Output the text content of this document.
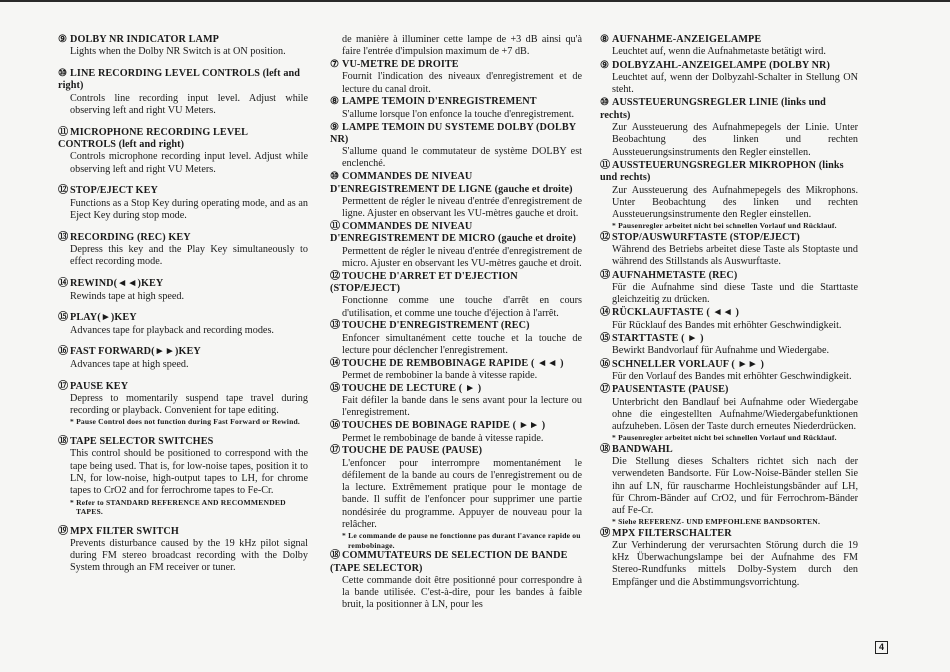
⑨ DOLBY NR INDICATOR LAMP
Lights when the Dolby NR Switch is at ON position.
⑩ LINE RECORDING LEVEL CONTROLS (left and right)
Controls line recording input level. Adjust while observing left and right VU Meters.
⑪ MICROPHONE RECORDING LEVEL CONTROLS (left and right)
Controls microphone recording input level. Adjust while observing left and right VU Meters.
⑫ STOP/EJECT KEY
Functions as a Stop Key during operating mode, and as an Eject Key during stop mode.
⑬ RECORDING (REC) KEY
Depress this key and the Play Key simultaneously to effect recording mode.
⑭ REWIND(◄◄)KEY
Rewinds tape at high speed.
⑮ PLAY(►)KEY
Advances tape for playback and recording modes.
⑯ FAST FORWARD(►►)KEY
Advances tape at high speed.
⑰ PAUSE KEY
Depress to momentarily suspend tape travel during recording or playback. Convenient for tape editing.
* Pause Control does not function during Fast Forward or Rewind.
⑱ TAPE SELECTOR SWITCHES
This control should be positioned to correspond with the tape being used. That is, for low-noise tapes, position it to LN, for low-noise, high-output tapes to LH, for chrome tapes to CrO2 and for ferrochrome tapes to Fe-Cr.
* Refer to STANDARD REFERENCE AND RECOMMENDED TAPES.
⑲ MPX FILTER SWITCH
Prevents disturbance caused by the 19 kHz pilot signal during FM stereo broadcast recording with the Dolby System through an FM receiver or tuner.
de manière à illuminer cette lampe de +3 dB ainsi qu'à faire l'entrée d'impulsion maximum de +7 dB.
⑦ VU-METRE DE DROITE
Fournit l'indication des niveaux d'enregistrement et de lecture du canal droit.
⑧ LAMPE TEMOIN D'ENREGISTREMENT
S'allume lorsque l'on enfonce la touche d'enregistrement.
⑨ LAMPE TEMOIN DU SYSTEME DOLBY (DOLBY NR)
S'allume quand le commutateur de système DOLBY est enclenché.
⑩ COMMANDES DE NIVEAU D'ENREGISTREMENT DE LIGNE (gauche et droite)
Permettent de régler le niveau d'entrée d'enregistrement de ligne. Ajuster en observant les VU-mètres gauche et droit.
⑪ COMMANDES DE NIVEAU D'ENREGISTREMENT DE MICRO (gauche et droite)
Permettent de régler le niveau d'entrée d'enregistrement de micro. Ajuster en observant les VU-mètres gauche et droit.
⑫ TOUCHE D'ARRET ET D'EJECTION (STOP/EJECT)
Fonctionne comme une touche d'arrêt en cours d'utilisation, et comme une touche d'éjection à l'arrêt.
⑬ TOUCHE D'ENREGISTREMENT (REC)
Enfoncer simultanément cette touche et la touche de lecture pour déclencher l'enregistrement.
⑭ TOUCHE DE REMBOBINAGE RAPIDE ( ◄◄ )
Permet de rembobiner la bande à vitesse rapide.
⑮ TOUCHE DE LECTURE ( ► )
Fait défiler la bande dans le sens avant pour la lecture ou l'enregistrement.
⑯ TOUCHES DE BOBINAGE RAPIDE ( ►► )
Permet le rembobinage de bande à vitesse rapide.
⑰ TOUCHE DE PAUSE (PAUSE)
L'enfoncer pour interrompre momentanément le défilement de la bande au cours de l'enregistrement ou de la lecture. Extrêmement pratique pour le montage de bande. Il suffit de l'enfoncer pour supprimer une partie nondésirée du programme. Appuyer de nouveau pour la relâcher.
* Le commande de pause ne fonctionne pas durant l'avance rapide ou rembobinage.
⑱ COMMUTATEURS DE SELECTION DE BANDE (TAPE SELECTOR)
Cette commande doit être positionné pour correspondre à la bande utilisée. C'est-à-dire, pour les bandes à faible bruit, la positionner à LN, pour les
⑧ AUFNAHME-ANZEIGELAMPE
Leuchtet auf, wenn die Aufnahmetaste betätigt wird.
⑨ DOLBYZAHL-ANZEIGELAMPE (DOLBY NR)
Leuchtet auf, wenn der Dolbyzahl-Schalter in Stellung ON steht.
⑩ AUSSTEUERUNGSREGLER LINIE (links und rechts)
Zur Aussteuerung des Aufnahmepegels der Linie. Unter Beobachtung des linken und rechten Aussteuerungsinstruments den Regler einstellen.
⑪ AUSSTEUERUNGSREGLER MIKROPHON (links und rechts)
Zur Aussteuerung des Aufnahmepegels des Mikrophons. Unter Beobachtung des linken und rechten Aussteuerungsinstrumente den Regler einstellen.
* Pausenregler arbeitet nicht bei schnellen Vorlauf und Rücklauf.
⑫ STOP/AUSWURFTASTE (STOP/EJECT)
Während des Betriebs arbeitet diese Taste als Stoptaste und während des Stillstands als Auswurftaste.
⑬ AUFNAHMETASTE (REC)
Für die Aufnahme sind diese Taste und die Starttaste gleichzeitig zu drücken.
⑭ RÜCKLAUFTASTE ( ◄◄ )
Für Rücklauf des Bandes mit erhöhter Geschwindigkeit.
⑮ STARTTASTE ( ► )
Bewirkt Bandvorlauf für Aufnahme und Wiedergabe.
⑯ SCHNELLER VORLAUF ( ►► )
Für den Vorlauf des Bandes mit erhöhter Geschwindigkeit.
⑰ PAUSENTASTE (PAUSE)
Unterbricht den Bandlauf bei Aufnahme oder Wiedergabe ohne die eingestellten Aufnahme/Wiedergabefunktionen aufzuheben. Lösen der Taste durch erneutes Niederdrücken.
* Pausenregler arbeitet nicht bei schnellen Vorlauf und Rücklauf.
⑱ BANDWAHL
Die Stellung dieses Schalters richtet sich nach der verwendeten Bandsorte. Für Low-Noise-Bänder stellen Sie ihn auf LN, für rauscharme Hochleistungsbänder auf LH, für Chrom-Bänder auf CrO2, und für Ferrochrom-Bänder auf Fe-Cr.
* Siehe REFERENZ- UND EMPFOHLENE BANDSORTEN.
⑲ MPX FILTERSCHALTER
Zur Verhinderung der verursachten Störung durch die 19 kHz Überwachungslampe bei der Aufnahme des FM Stereo-Rundfunks mittels Dolby-System durch den Empfänger und die Abstimmungsvorrichtung.
4
